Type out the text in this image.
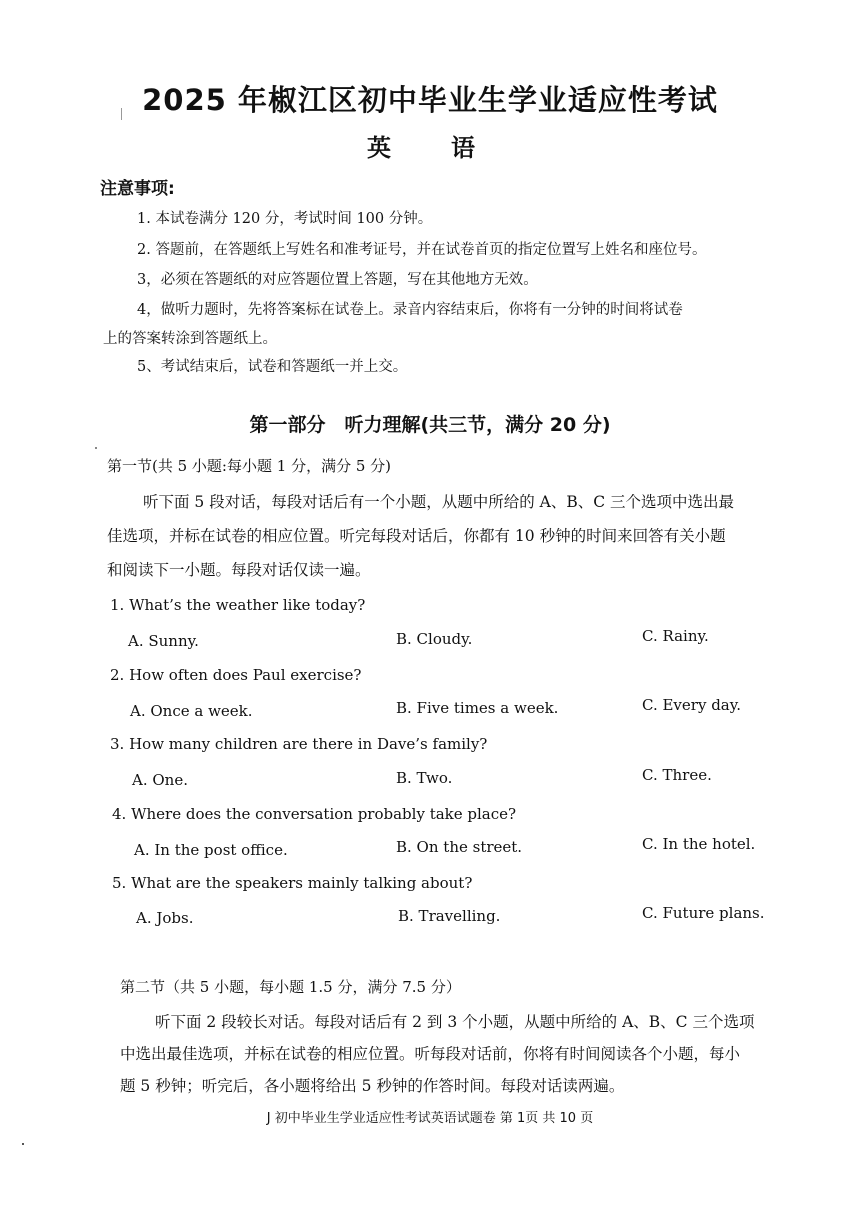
2025 年椒江区初中毕业生学业适应性考试
英　语
注意事项:
1. 本试卷满分 120 分，考试时间 100 分钟。
2. 答题前，在答题纸上写姓名和准考证号，并在试卷首页的指定位置写上姓名和座位号。
3，必须在答题纸的对应答题位置上答题，写在其他地方无效。
4，做听力题时，先将答案标在试卷上。录音内容结束后，你将有一分钟的时间将试卷
上的答案转涂到答题纸上。
5、考试结束后，试卷和答题纸一并上交。
第一部分　听力理解(共三节，满分 20 分)
第一节(共 5 小题:每小题 1 分，满分 5 分)
听下面 5 段对话，每段对话后有一个小题，从题中所给的 A、B、C 三个选项中选出最
佳选项，并标在试卷的相应位置。听完每段对话后，你都有 10 秒钟的时间来回答有关小题
和阅读下一小题。每段对话仅读一遍。
1. What’s the weather like today?
A. Sunny.	B. Cloudy.	C. Rainy.
2. How often does Paul exercise?
A. Once a week.	B. Five times a week.	C. Every day.
3. How many children are there in Dave’s family?
A. One.	B. Two.	C. Three.
4. Where does the conversation probably take place?
A. In the post office.	B. On the street.	C. In the hotel.
5. What are the speakers mainly talking about?
A. Jobs.	B. Travelling.	C. Future plans.
第二节（共 5 小题，每小题 1.5 分，满分 7.5 分）
听下面 2 段较长对话。每段对话后有 2 到 3 个小题，从题中所给的 A、B、C 三个选项
中选出最佳选项，并标在试卷的相应位置。听每段对话前，你将有时间阅读各个小题，每小
题 5 秒钟；听完后，各小题将给出 5 秒钟的作答时间。每段对话读两遍。
J 初中毕业生学业适应性考试英语试题卷 第 1页 共 10 页
